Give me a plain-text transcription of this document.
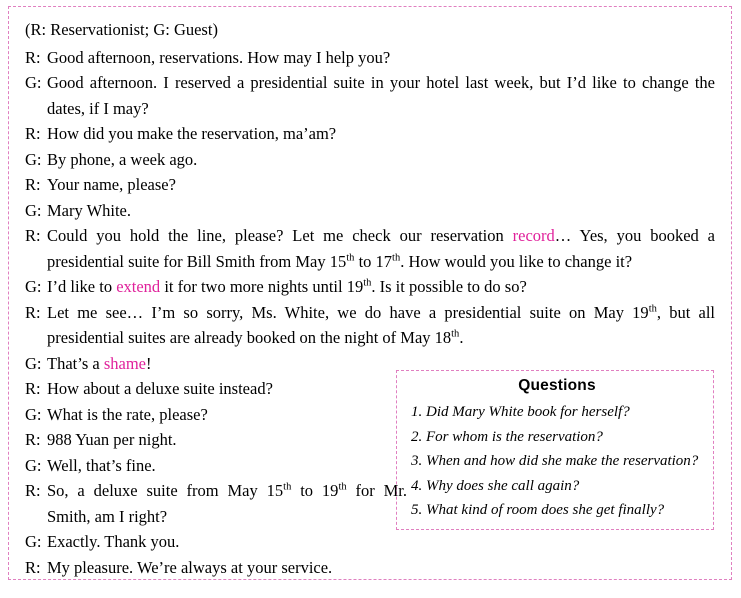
(R: Reservationist; G: Guest)
R: Good afternoon, reservations. How may I help you?
G: Good afternoon. I reserved a presidential suite in your hotel last week, but I’d like to change the dates, if I may?
R: How did you make the reservation, ma’am?
G: By phone, a week ago.
R: Your name, please?
G: Mary White.
R: Could you hold the line, please? Let me check our reservation record… Yes, you booked a presidential suite for Bill Smith from May 15th to 17th. How would you like to change it?
G: I’d like to extend it for two more nights until 19th. Is it possible to do so?
R: Let me see… I’m so sorry, Ms. White, we do have a presidential suite on May 19th, but all presidential suites are already booked on the night of May 18th.
G: That’s a shame!
R: How about a deluxe suite instead?
G: What is the rate, please?
R: 988 Yuan per night.
G: Well, that’s fine.
R: So, a deluxe suite from May 15th to 19th for Mr. Smith, am I right?
G: Exactly. Thank you.
R: My pleasure. We’re always at your service.
Questions
1. Did Mary White book for herself?
2. For whom is the reservation?
3. When and how did she make the reservation?
4. Why does she call again?
5. What kind of room does she get finally?
